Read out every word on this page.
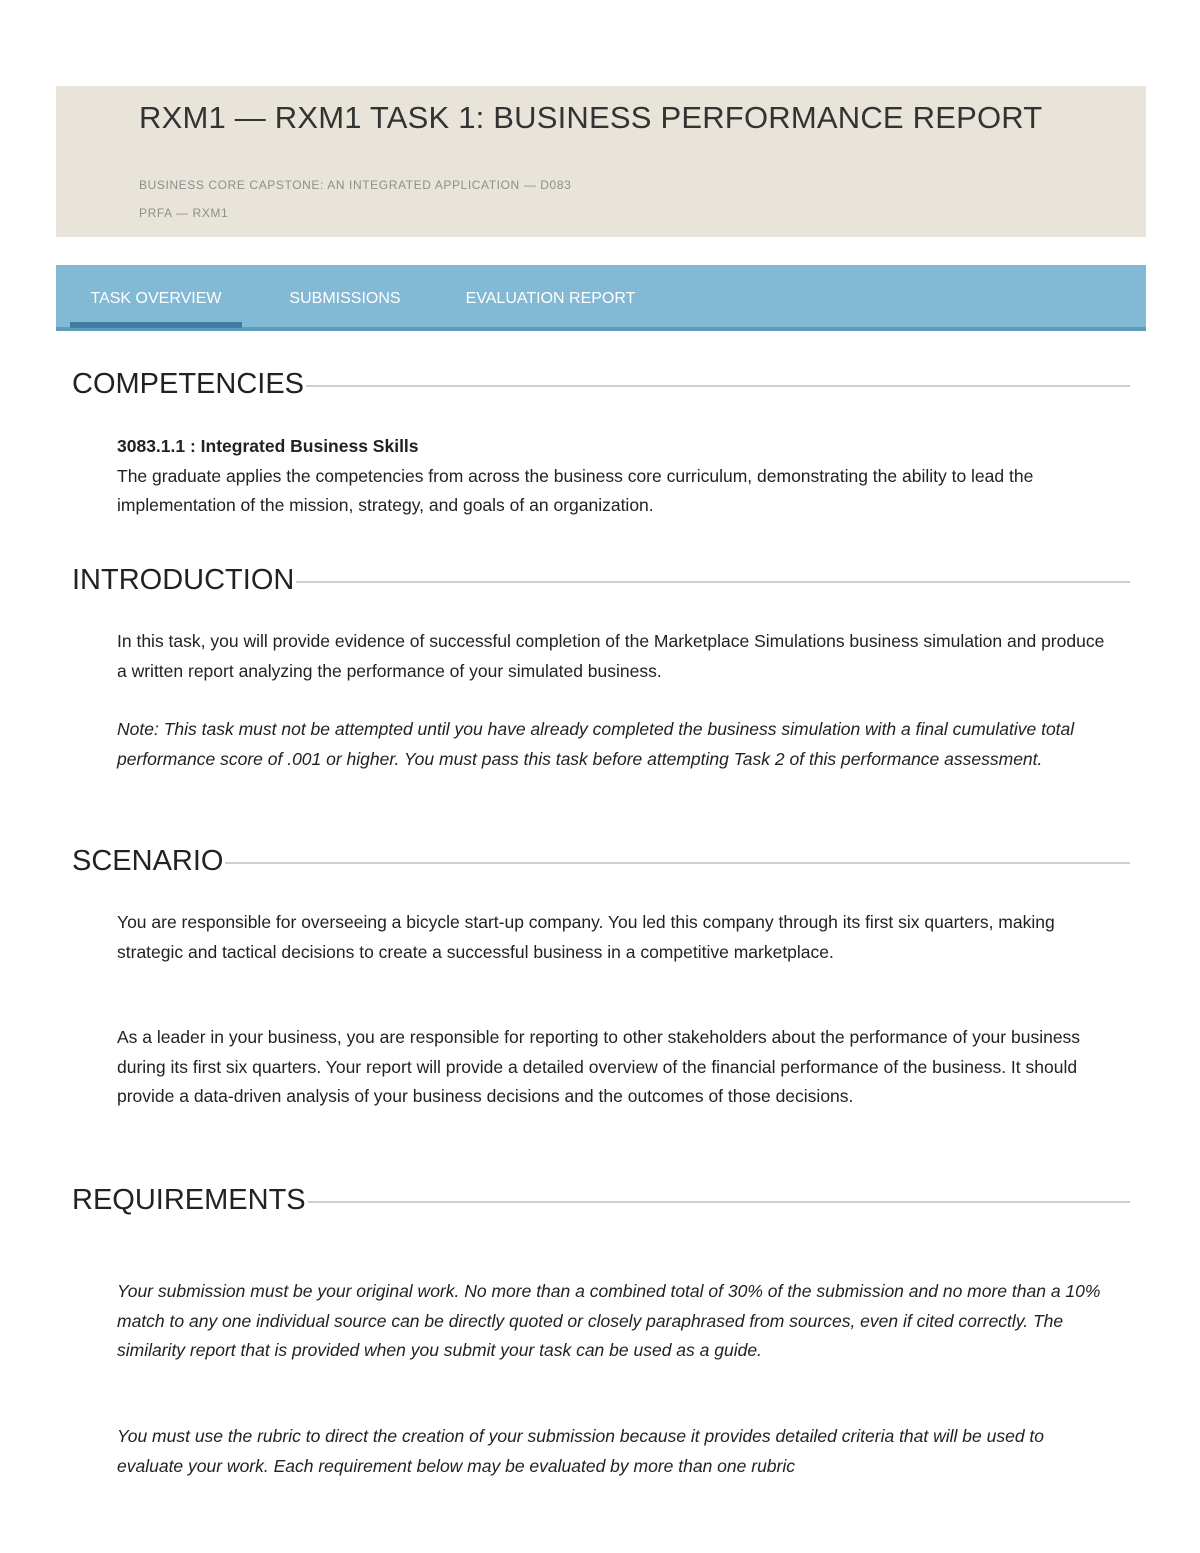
RXM1 — RXM1 TASK 1: BUSINESS PERFORMANCE REPORT
BUSINESS CORE CAPSTONE: AN INTEGRATED APPLICATION — D083
PRFA — RXM1
TASK OVERVIEW	SUBMISSIONS	EVALUATION REPORT
COMPETENCIES
3083.1.1 : Integrated Business Skills
The graduate applies the competencies from across the business core curriculum, demonstrating the ability to lead the implementation of the mission, strategy, and goals of an organization.
INTRODUCTION

In this task, you will provide evidence of successful completion of the Marketplace Simulations business simulation and produce a written report analyzing the performance of your simulated business.

Note: This task must not be attempted until you have already completed the business simulation with a final cumulative total performance score of .001 or higher. You must pass this task before attempting Task 2 of this performance assessment.

SCENARIO

You are responsible for overseeing a bicycle start-up company. You led this company through its first six quarters, making strategic and tactical decisions to create a successful business in a competitive marketplace.

As a leader in your business, you are responsible for reporting to other stakeholders about the performance of your business during its first six quarters. Your report will provide a detailed overview of the financial performance of the business. It should provide a data-driven analysis of your business decisions and the outcomes of those decisions.

REQUIREMENTS

Your submission must be your original work. No more than a combined total of 30% of the submission and no more than a 10% match to any one individual source can be directly quoted or closely paraphrased from sources, even if cited correctly. The similarity report that is provided when you submit your task can be used as a guide.

You must use the rubric to direct the creation of your submission because it provides detailed criteria that will be used to evaluate your work. Each requirement below may be evaluated by more than one rubric
